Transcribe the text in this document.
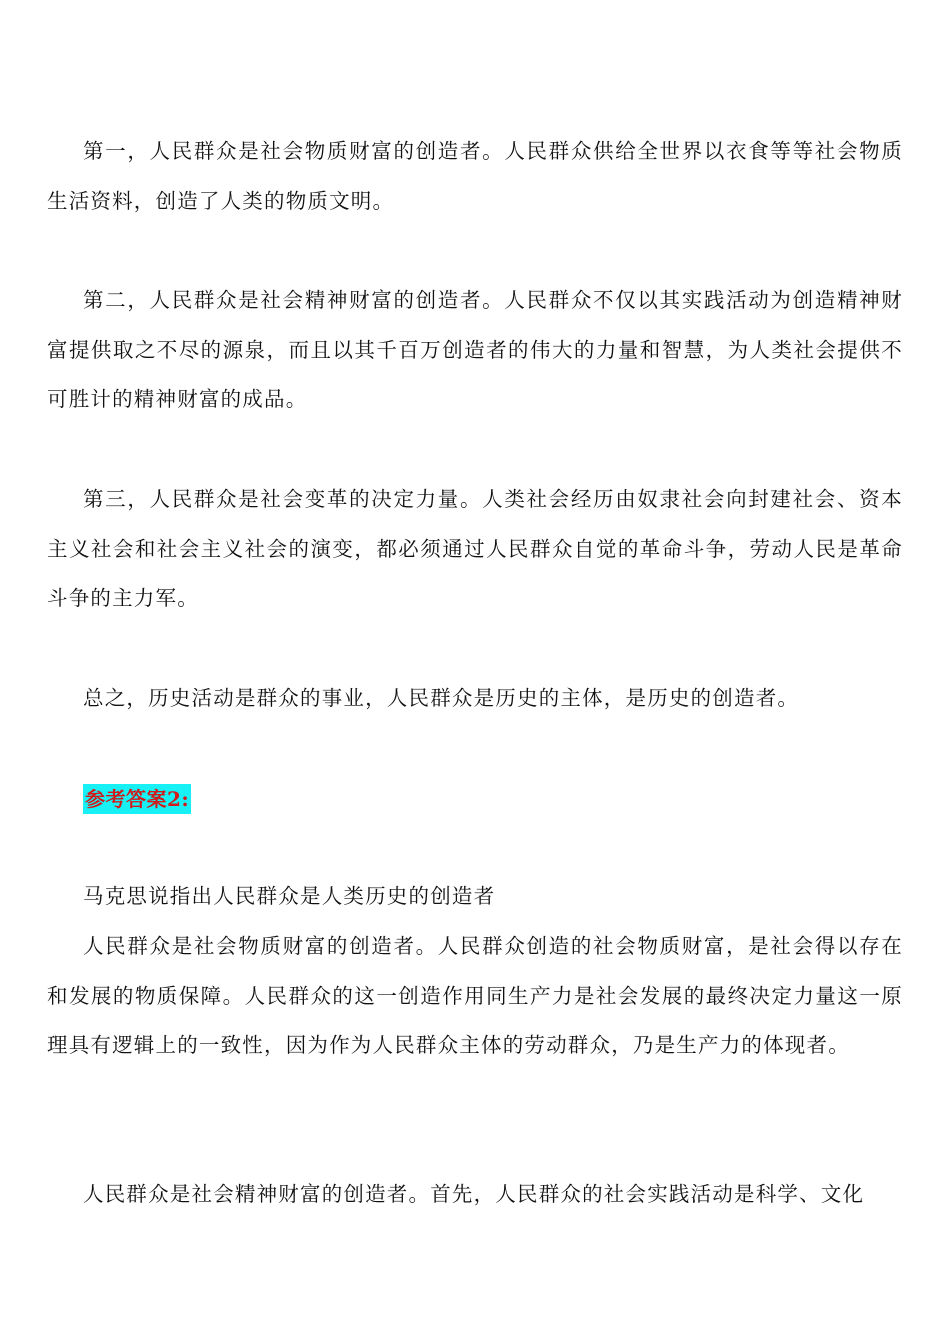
第一，人民群众是社会物质财富的创造者。人民群众供给全世界以衣食等等社会物质生活资料，创造了人类的物质文明。

第二，人民群众是社会精神财富的创造者。人民群众不仅以其实践活动为创造精神财富提供取之不尽的源泉，而且以其千百万创造者的伟大的力量和智慧，为人类社会提供不可胜计的精神财富的成品。

第三，人民群众是社会变革的决定力量。人类社会经历由奴隶社会向封建社会、资本主义社会和社会主义社会的演变，都必须通过人民群众自觉的革命斗争，劳动人民是革命斗争的主力军。

总之，历史活动是群众的事业，人民群众是历史的主体，是历史的创造者。

参考答案2:

马克思说指出人民群众是人类历史的创造者

人民群众是社会物质财富的创造者。人民群众创造的社会物质财富，是社会得以存在和发展的物质保障。人民群众的这一创造作用同生产力是社会发展的最终决定力量这一原理具有逻辑上的一致性，因为作为人民群众主体的劳动群众，乃是生产力的体现者。

人民群众是社会精神财富的创造者。首先，人民群众的社会实践活动是科学、文化
